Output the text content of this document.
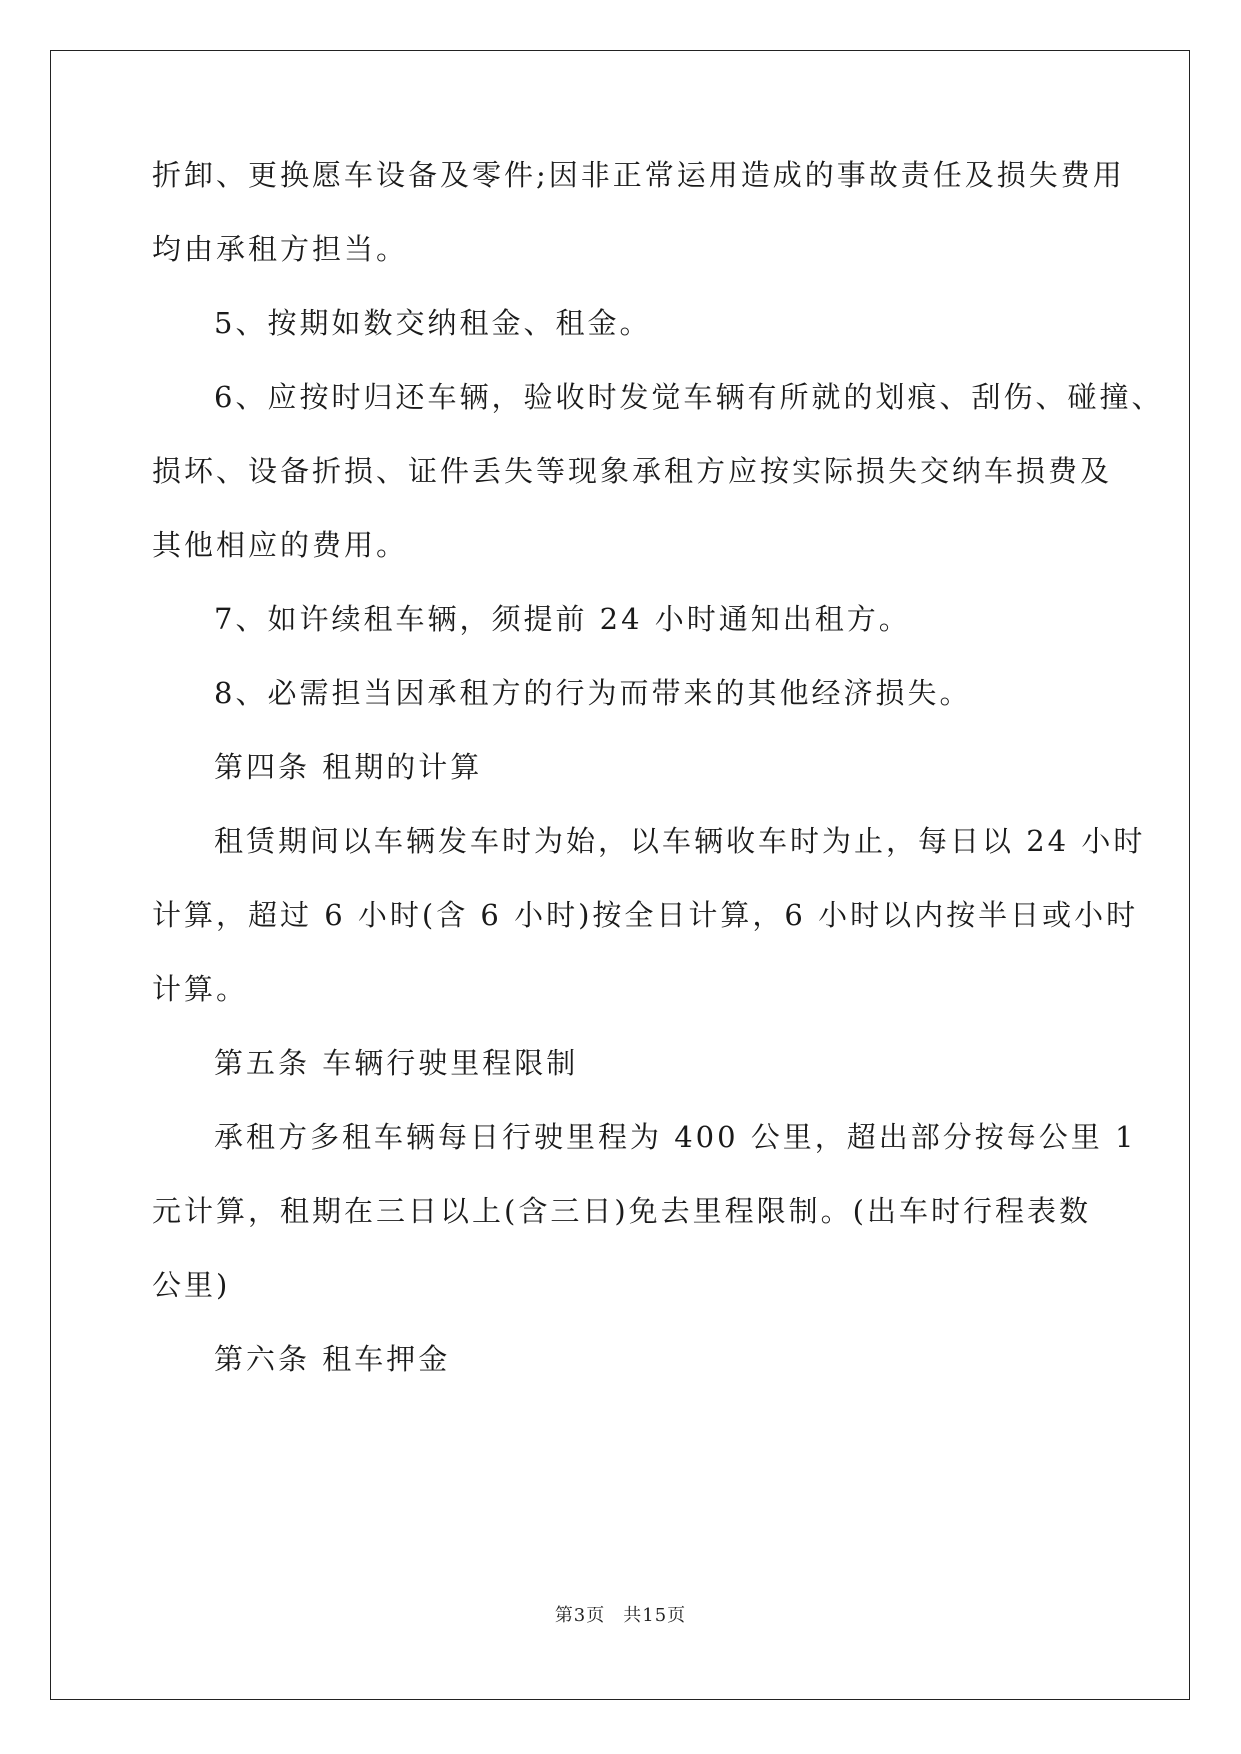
折卸、更换愿车设备及零件;因非正常运用造成的事故责任及损失费用
均由承租方担当。
5、按期如数交纳租金、租金。
6、应按时归还车辆，验收时发觉车辆有所就的划痕、刮伤、碰撞、
损坏、设备折损、证件丢失等现象承租方应按实际损失交纳车损费及
其他相应的费用。
7、如许续租车辆，须提前 24 小时通知出租方。
8、必需担当因承租方的行为而带来的其他经济损失。
第四条 租期的计算
租赁期间以车辆发车时为始，以车辆收车时为止，每日以 24 小时
计算，超过 6 小时(含 6 小时)按全日计算，6 小时以内按半日或小时
计算。
第五条 车辆行驶里程限制
承租方多租车辆每日行驶里程为 400 公里，超出部分按每公里 1
元计算，租期在三日以上(含三日)免去里程限制。(出车时行程表数
公里)
第六条 租车押金
第3页 共15页
